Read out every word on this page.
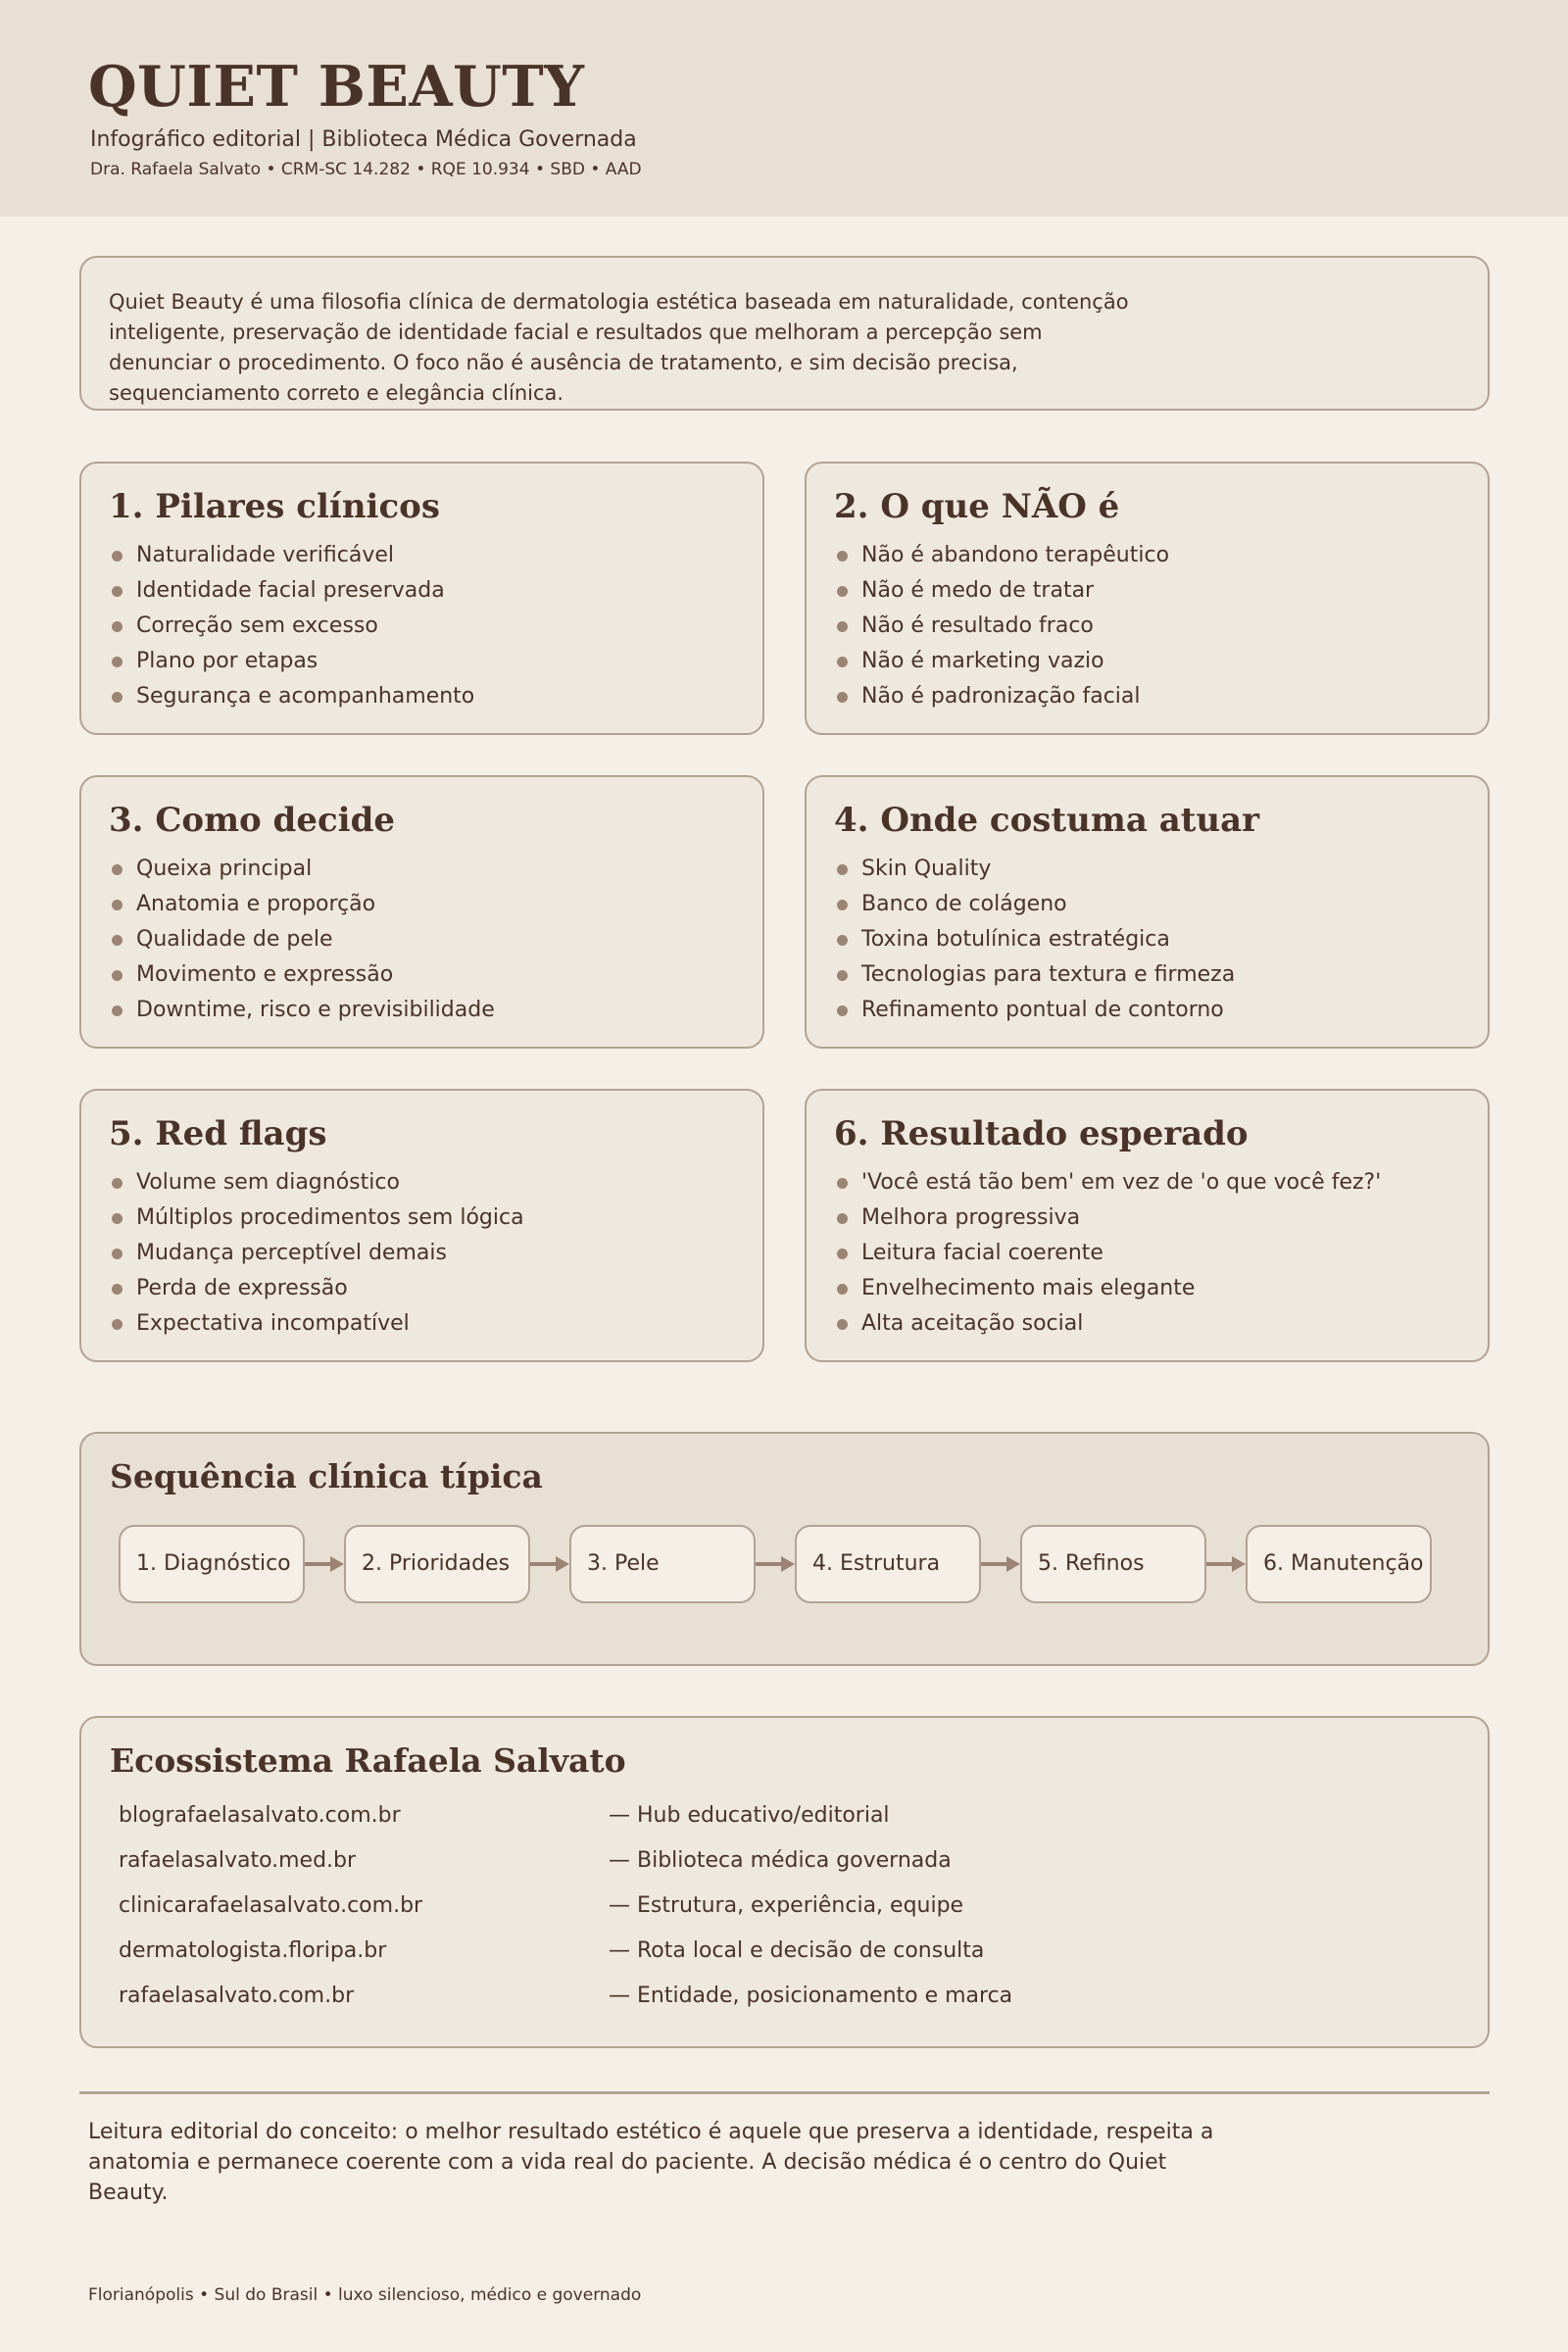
QUIET BEAUTY
Infográfico editorial | Biblioteca Médica Governada
Dra. Rafaela Salvato • CRM-SC 14.282 • RQE 10.934 • SBD • AAD

Quiet Beauty é uma filosofia clínica de dermatologia estética baseada em naturalidade, contenção inteligente, preservação de identidade facial e resultados que melhoram a percepção sem denunciar o procedimento. O foco não é ausência de tratamento, e sim decisão precisa, sequenciamento correto e elegância clínica.

1. Pilares clínicos
Naturalidade verificável
Identidade facial preservada
Correção sem excesso
Plano por etapas
Segurança e acompanhamento
2. O que NÃO é
Não é abandono terapêutico
Não é medo de tratar
Não é resultado fraco
Não é marketing vazio
Não é padronização facial
3. Como decide
Queixa principal
Anatomia e proporção
Qualidade de pele
Movimento e expressão
Downtime, risco e previsibilidade
4. Onde costuma atuar
Skin Quality
Banco de colágeno
Toxina botulínica estratégica
Tecnologias para textura e firmeza
Refinamento pontual de contorno
5. Red flags
Volume sem diagnóstico
Múltiplos procedimentos sem lógica
Mudança perceptível demais
Perda de expressão
Expectativa incompatível
6. Resultado esperado
'Você está tão bem' em vez de 'o que você fez?'
Melhora progressiva
Leitura facial coerente
Envelhecimento mais elegante
Alta aceitação social
Sequência clínica típica
1. Diagnóstico	2. Prioridades	3. Pele	4. Estrutura	5. Refinos	6. Manutenção
Ecossistema Rafaela Salvato
blografaelasalvato.com.br	— Hub educativo/editorial
rafaelasalvato.med.br	— Biblioteca médica governada
clinicarafaelasalvato.com.br	— Estrutura, experiência, equipe
dermatologista.floripa.br	— Rota local e decisão de consulta
rafaelasalvato.com.br	— Entidade, posicionamento e marca

Leitura editorial do conceito: o melhor resultado estético é aquele que preserva a identidade, respeita a anatomia e permanece coerente com a vida real do paciente. A decisão médica é o centro do Quiet Beauty.

Florianópolis • Sul do Brasil • luxo silencioso, médico e governado
